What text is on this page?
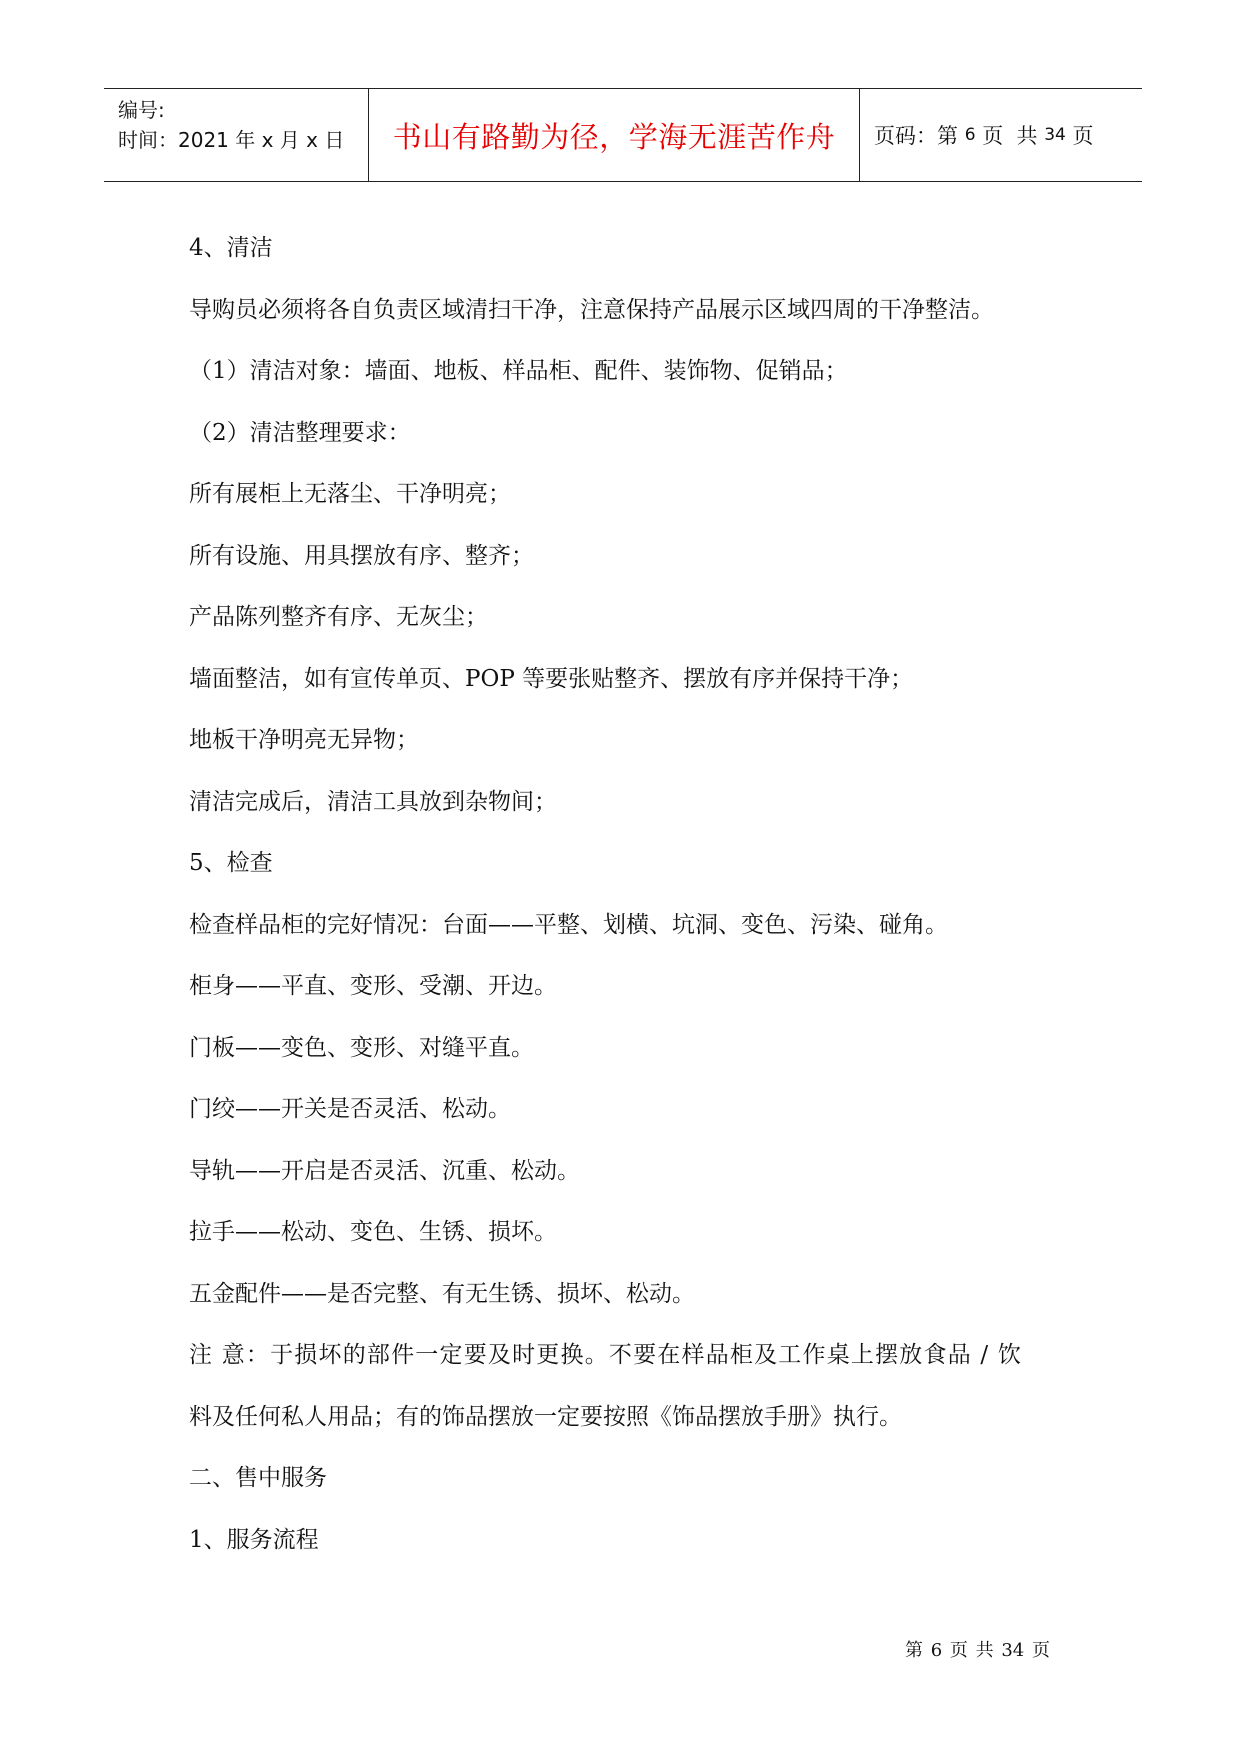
编号:
时间：2021 年 x 月 x 日	书山有路勤为径，学海无涯苦作舟	页码：第 6 页  共 34 页
4、清洁
导购员必须将各自负责区域清扫干净，注意保持产品展示区域四周的干净整洁。
（1）清洁对象：墙面、地板、样品柜、配件、装饰物、促销品；
（2）清洁整理要求：
所有展柜上无落尘、干净明亮；
所有设施、用具摆放有序、整齐；
产品陈列整齐有序、无灰尘；
墙面整洁，如有宣传单页、POP 等要张贴整齐、摆放有序并保持干净；
地板干净明亮无异物；
清洁完成后，清洁工具放到杂物间；
5、检查
检查样品柜的完好情况：台面——平整、划横、坑洞、变色、污染、碰角。
柜身——平直、变形、受潮、开边。
门板——变色、变形、对缝平直。
门绞——开关是否灵活、松动。
导轨——开启是否灵活、沉重、松动。
拉手——松动、变色、生锈、损坏。
五金配件——是否完整、有无生锈、损坏、松动。
注 意：于损坏的部件一定要及时更换。不要在样品柜及工作桌上摆放食品 / 饮
料及任何私人用品；有的饰品摆放一定要按照《饰品摆放手册》执行。
二、售中服务
1、服务流程
第 6 页 共 34 页
